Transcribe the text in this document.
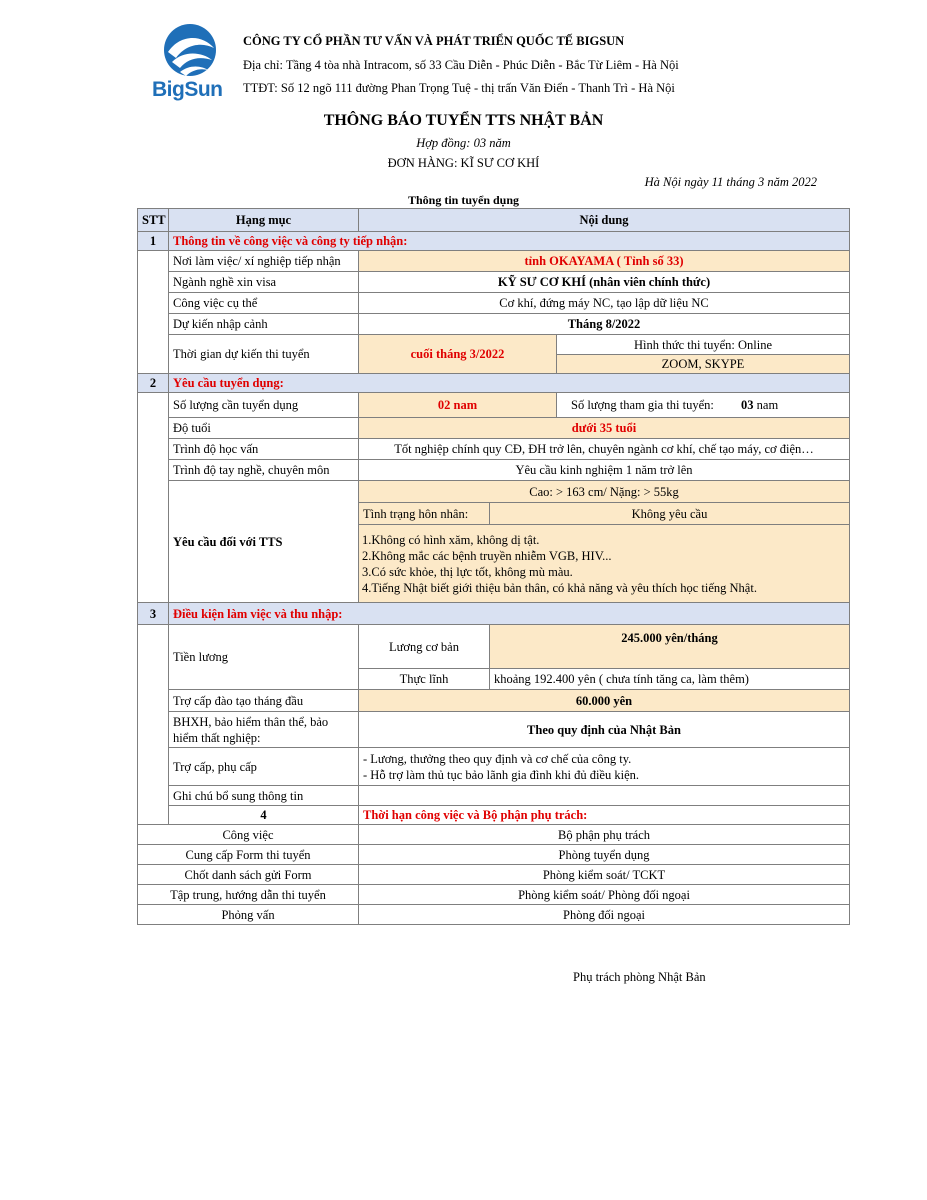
BigSun
CÔNG TY CỔ PHẦN TƯ VẤN VÀ PHÁT TRIỂN QUỐC TẾ BIGSUN
Địa chỉ: Tầng 4 tòa nhà Intracom, số 33 Cầu Diễn - Phúc Diễn - Bắc Từ Liêm - Hà Nội
TTĐT: Số 12 ngõ 111 đường Phan Trọng Tuệ - thị trấn Văn Điển - Thanh Trì - Hà Nội
THÔNG BÁO TUYỂN TTS NHẬT BẢN
Hợp đồng: 03 năm
ĐƠN HÀNG: KĨ SƯ CƠ KHÍ
Hà Nội ngày 11 tháng 3 năm 2022
Thông tin tuyển dụng
STT	Hạng mục	Nội dung		
1	Thông tin về công việc và công ty tiếp nhận:			
	Nơi làm việc/ xí nghiệp tiếp nhận	tỉnh OKAYAMA ( Tỉnh số 33)		
	Ngành nghề xin visa	KỸ SƯ CƠ KHÍ (nhân viên chính thức)		
	Công việc cụ thể	Cơ khí, đứng máy NC, tạo lập dữ liệu NC		
	Dự kiến nhập cảnh	Tháng 8/2022		
	Thời gian dự kiến thi tuyển	cuối tháng 3/2022		Hình thức thi tuyển: Online
				ZOOM, SKYPE
2	Yêu cầu tuyển dụng:			
	Số lượng cần tuyển dụng	02 nam		Số lượng tham gia thi tuyển: 03 nam
	Độ tuổi	dưới 35 tuổi		
	Trình độ học vấn	Tốt nghiệp chính quy CĐ, ĐH trở lên, chuyên ngành cơ khí, chế tạo máy, cơ điện…		
	Trình độ tay nghề, chuyên môn	Yêu cầu kinh nghiệm 1 năm trở lên		
	Yêu cầu đối với TTS	Cao: > 163 cm/ Nặng: > 55kg		
		Tình trạng hôn nhân:	Không yêu cầu	

		1.Không có hình xăm, không dị tật.
2.Không mắc các bệnh truyền nhiễm VGB, HIV...
3.Có sức khỏe, thị lực tốt, không mù màu.
4.Tiếng Nhật biết giới thiệu bản thân, có khả năng và yêu thích học tiếng Nhật.		

3	Điều kiện làm việc và thu nhập:			
	Tiền lương	Lương cơ bản	245.000 yên/tháng	
		Thực lĩnh	khoảng 192.400 yên ( chưa tính tăng ca, làm thêm)	
	Trợ cấp đào tạo tháng đầu	60.000 yên		
	BHXH, bảo hiểm thân thể, bảo hiểm thất nghiệp:	Theo quy định của Nhật Bản		
	Trợ cấp, phụ cấp	- Lương, thưởng theo quy định và cơ chế của công ty.
- Hỗ trợ làm thủ tục bảo lãnh gia đình khi đủ điều kiện.		

	Ghi chú bổ sung thông tin			
	4	Thời hạn công việc và Bộ phận phụ trách:		
Công việc		Bộ phận phụ trách		
Cung cấp Form thi tuyển		Phòng tuyển dụng		
Chốt danh sách gửi Form		Phòng kiểm soát/ TCKT		
Tập trung, hướng dẫn thi tuyển		Phòng kiểm soát/ Phòng đối ngoại		
Phỏng vấn		Phòng đối ngoại		
Phụ trách phòng Nhật Bản
